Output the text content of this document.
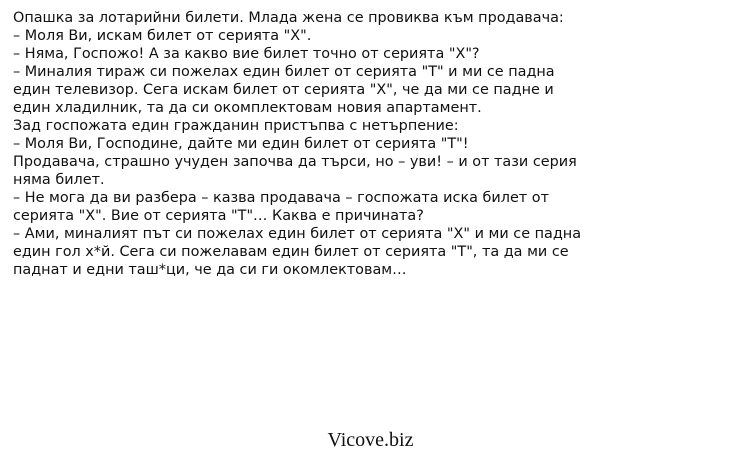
Опашка за лотарийни билети. Млада жена се провиква към продавача:
– Моля Ви, искам билет от серията "Х".
– Няма, Госпожо! А за какво вие билет точно от серията "Х"?
– Миналия тираж си пожелах един билет от серията "Т" и ми се падна един телевизор. Сега искам билет от серията "Х", че да ми се падне и един хладилник, та да си окомплектовам новия апартамент.
Зад госпожата един гражданин пристъпва с нетърпение:
– Моля Ви, Господине, дайте ми един билет от серията "Т"!
Продавача, страшно учуден започва да търси, но – уви! – и от тази серия няма билет.
– Не мога да ви разбера – казва продавача – госпожата иска билет от серията "Х". Вие от серията "Т"… Каква е причината?
– Ами, миналият път си пожелах един билет от серията "Х" и ми се падна един гол х*й. Сега си пожелавам един билет от серията "Т", та да ми се паднат и едни таш*ци, че да си ги окомлектовам…
Vicove.biz
